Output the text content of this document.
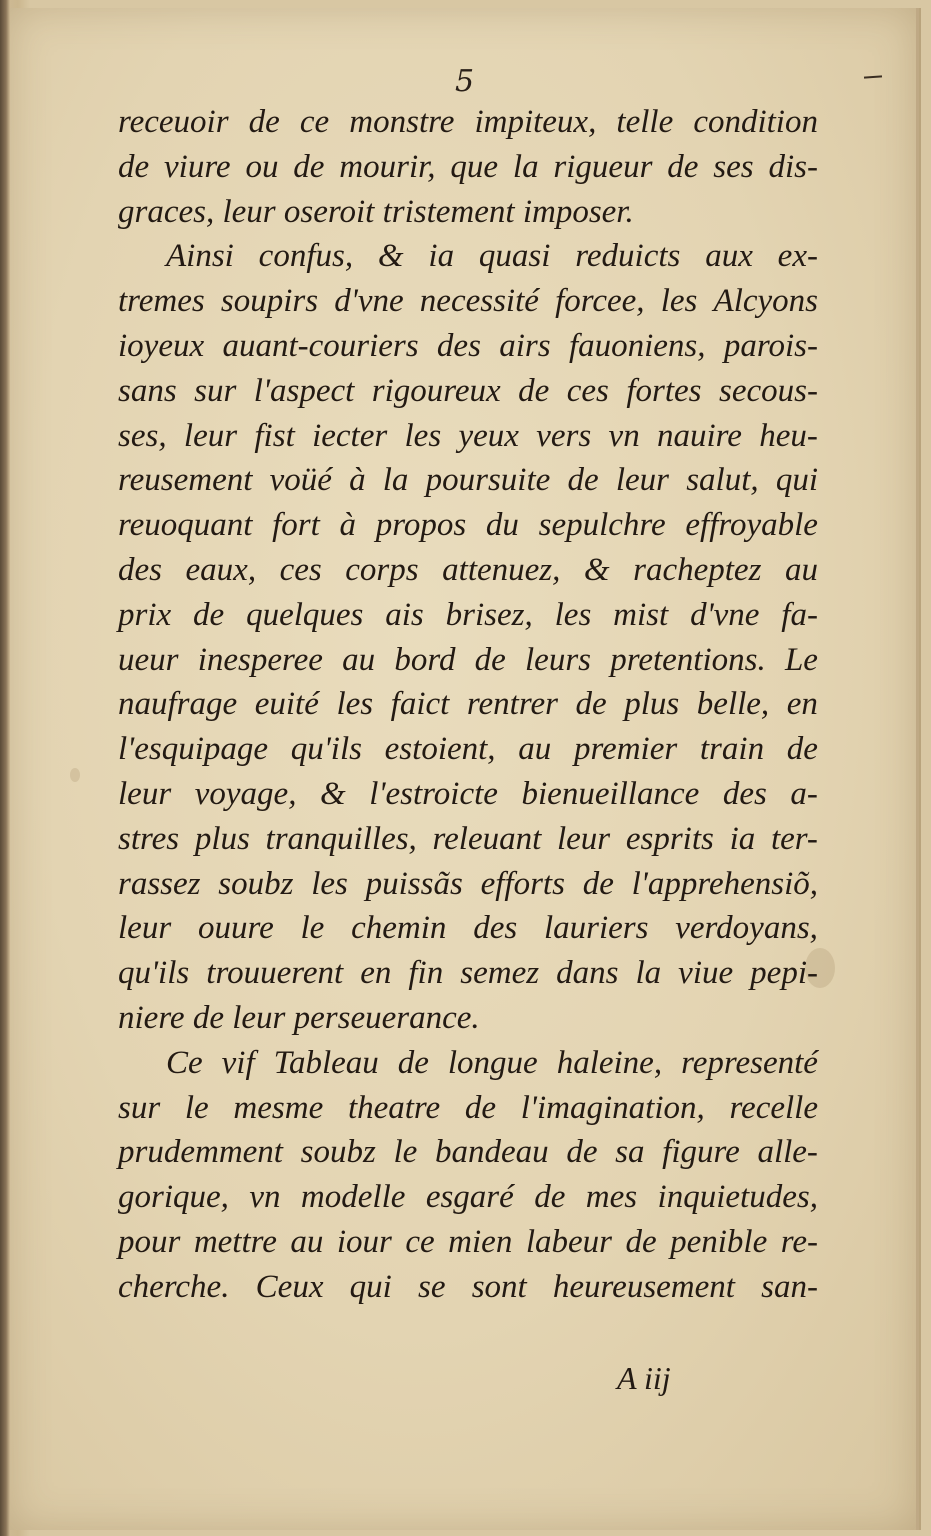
5
receuoir de ce monstre impiteux, telle condition
de viure ou de mourir, que la rigueur de ses dis-
graces, leur oseroit tristement imposer.
Ainsi confus, & ia quasi reduicts aux ex-
tremes soupirs d'vne necessité forcee, les Alcyons
ioyeux auant-couriers des airs fauoniens, parois-
sans sur l'aspect rigoureux de ces fortes secous-
ses, leur fist iecter les yeux vers vn nauire heu-
reusement voüé à la poursuite de leur salut, qui
reuoquant fort à propos du sepulchre effroyable
des eaux, ces corps attenuez, & racheptez au
prix de quelques ais brisez, les mist d'vne fa-
ueur inesperee au bord de leurs pretentions. Le
naufrage euité les faict rentrer de plus belle, en
l'esquipage qu'ils estoient, au premier train de
leur voyage, & l'estroicte bienueillance des a-
stres plus tranquilles, releuant leur esprits ia ter-
rassez soubz les puissãs efforts de l'apprehensiõ,
leur ouure le chemin des lauriers verdoyans,
qu'ils trouuerent en fin semez dans la viue pepi-
niere de leur perseuerance.
Ce vif Tableau de longue haleine, representé
sur le mesme theatre de l'imagination, recelle
prudemment soubz le bandeau de sa figure alle-
gorique, vn modelle esgaré de mes inquietudes,
pour mettre au iour ce mien labeur de penible re-
cherche. Ceux qui se sont heureusement san-
A iij
